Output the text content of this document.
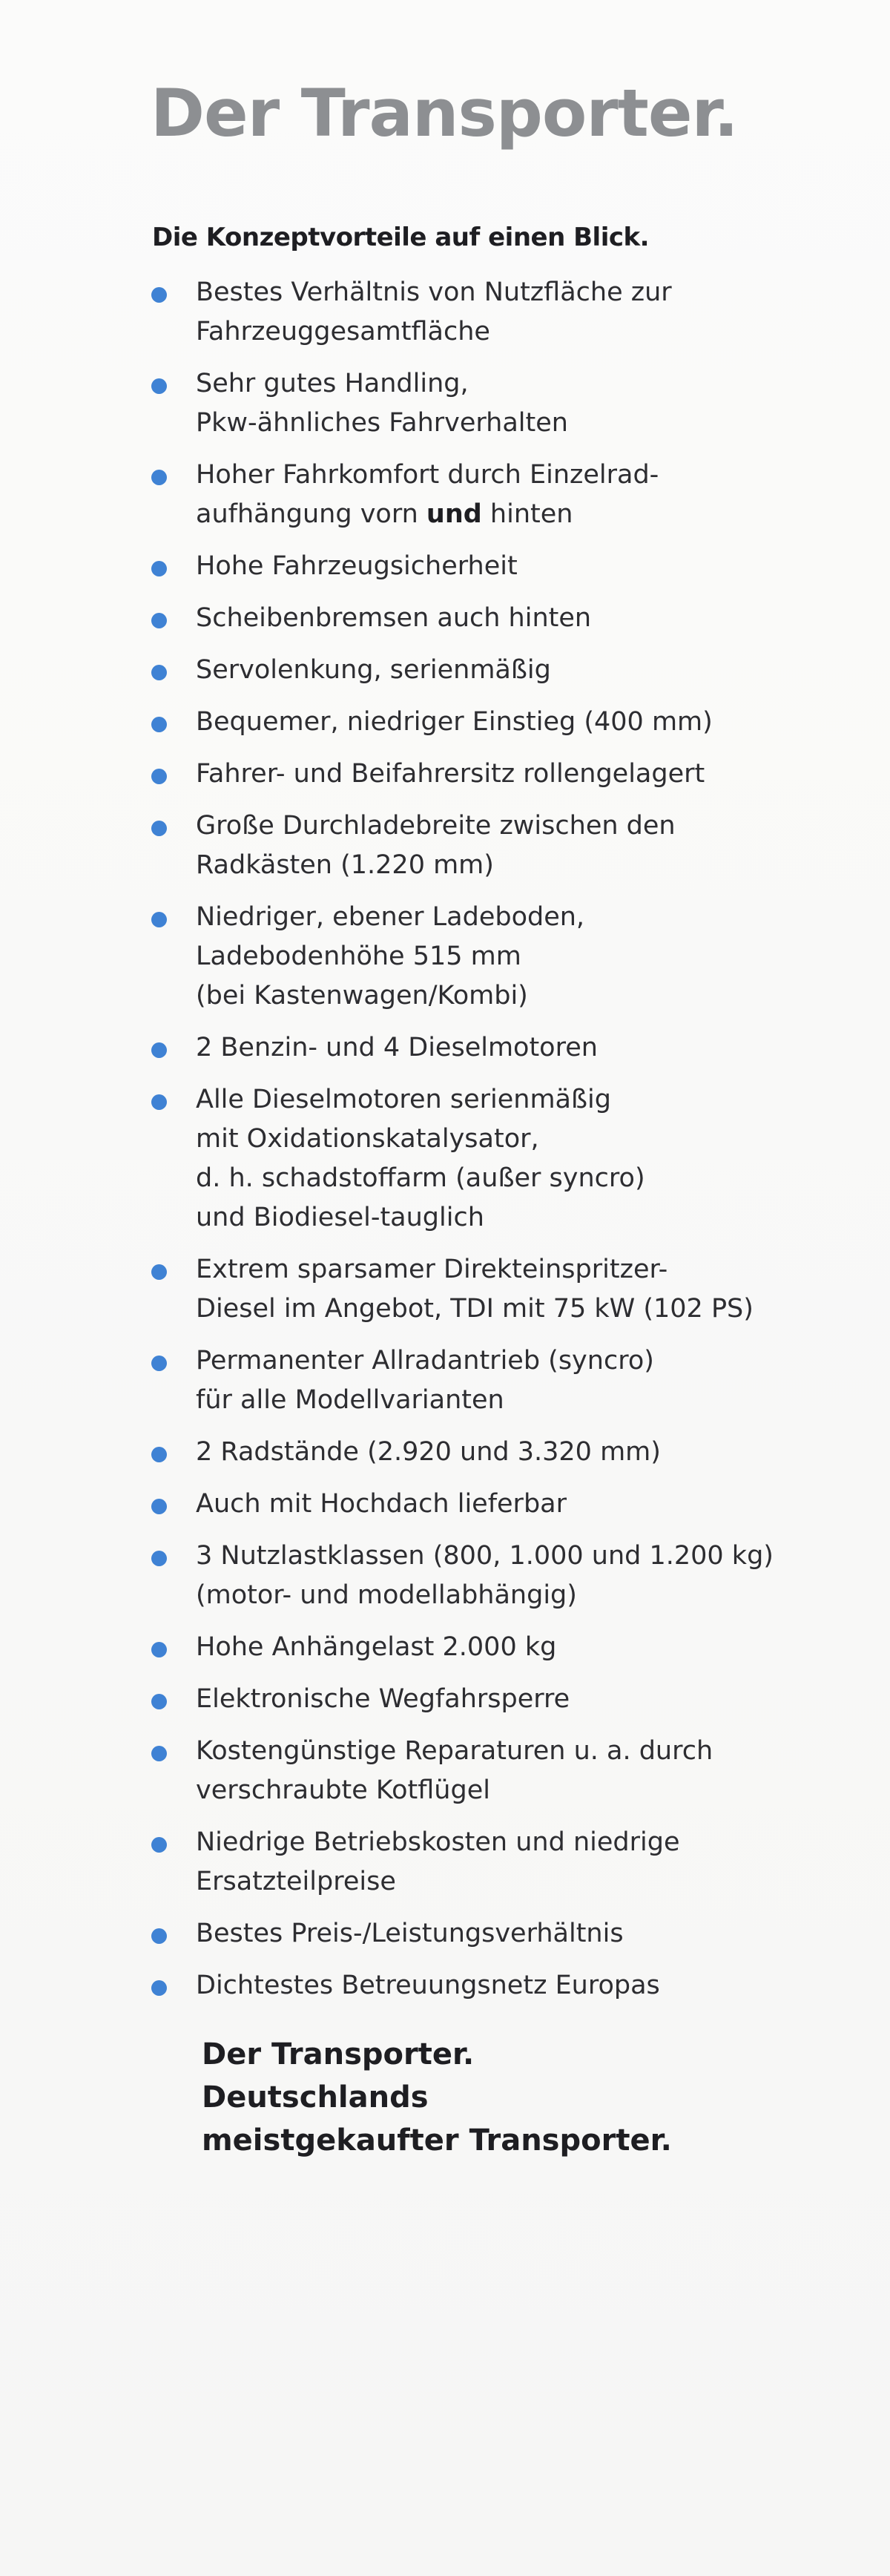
Der Transporter.
Die Konzeptvorteile auf einen Blick.
Bestes Verhältnis von Nutzfläche zur
Fahrzeuggesamtfläche
Sehr gutes Handling,
Pkw-ähnliches Fahrverhalten
Hoher Fahrkomfort durch Einzelrad-
aufhängung vorn und hinten
Hohe Fahrzeugsicherheit
Scheibenbremsen auch hinten
Servolenkung, serienmäßig
Bequemer, niedriger Einstieg (400 mm)
Fahrer- und Beifahrersitz rollengelagert
Große Durchladebreite zwischen den
Radkästen (1.220 mm)
Niedriger, ebener Ladeboden,
Ladebodenhöhe 515 mm
(bei Kastenwagen/Kombi)
2 Benzin- und 4 Dieselmotoren
Alle Dieselmotoren serienmäßig
mit Oxidationskatalysator,
d. h. schadstoffarm (außer syncro)
und Biodiesel-tauglich
Extrem sparsamer Direkteinspritzer-
Diesel im Angebot, TDI mit 75 kW (102 PS)
Permanenter Allradantrieb (syncro)
für alle Modellvarianten
2 Radstände (2.920 und 3.320 mm)
Auch mit Hochdach lieferbar
3 Nutzlastklassen (800, 1.000 und 1.200 kg)
(motor- und modellabhängig)
Hohe Anhängelast 2.000 kg
Elektronische Wegfahrsperre
Kostengünstige Reparaturen u. a. durch
verschraubte Kotflügel
Niedrige Betriebskosten und niedrige
Ersatzteilpreise
Bestes Preis-/Leistungsverhältnis
Dichtestes Betreuungsnetz Europas
Der Transporter.
Deutschlands
meistgekaufter Transporter.
